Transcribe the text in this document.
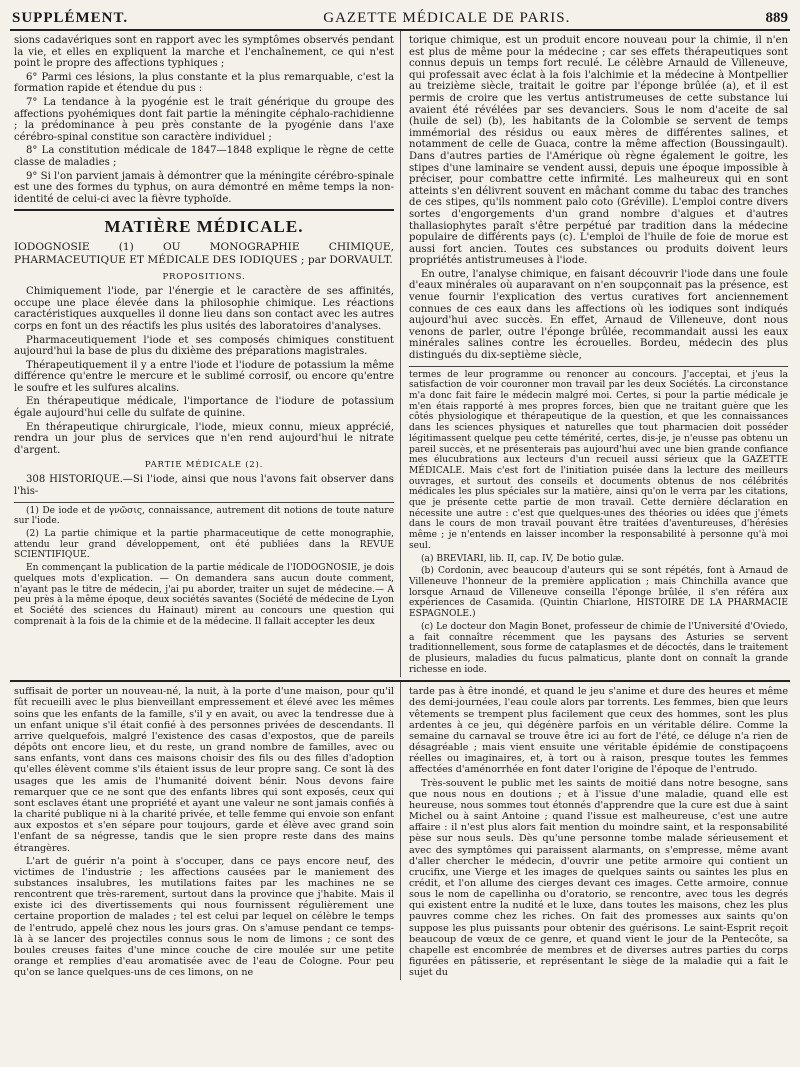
SUPPLÉMENT.	GAZETTE MÉDICALE DE PARIS.	889

sions cadavériques sont en rapport avec les symptômes observés pendant la vie, et elles en expliquent la marche et l'enchaînement, ce qui n'est point le propre des affections typhiques ;

6° Parmi ces lésions, la plus constante et la plus remarquable, c'est la formation rapide et étendue du pus :

7° La tendance à la pyogénie est le trait générique du groupe des affections pyohémiques dont fait partie la méningite céphalo-rachidienne ; la prédominance à peu près constante de la pyogénie dans l'axe cérébro-spinal constitue son caractère individuel ;

8° La constitution médicale de 1847—1848 explique le règne de cette classe de maladies ;

9° Si l'on parvient jamais à démontrer que la méningite cérébro-spinale est une des formes du typhus, on aura démontré en même temps la non-identité de celui-ci avec la fièvre typhoïde.

MATIÈRE MÉDICALE.
IODOGNOSIE (1) OU MONOGRAPHIE CHIMIQUE, PHARMACEUTIQUE ET MÉDICALE DES IODIQUES ; par DORVAULT.
PROPOSITIONS.

Chimiquement l'iode, par l'énergie et le caractère de ses affinités, occupe une place élevée dans la philosophie chimique. Les réactions caractéristiques auxquelles il donne lieu dans son contact avec les autres corps en font un des réactifs les plus usités des laboratoires d'analyses.

Pharmaceutiquement l'iode et ses composés chimiques constituent aujourd'hui la base de plus du dixième des préparations magistrales.

Thérapeutiquement il y a entre l'iode et l'iodure de potassium la même différence qu'entre le mercure et le sublimé corrosif, ou encore qu'entre le soufre et les sulfures alcalins.

En thérapeutique médicale, l'importance de l'iodure de potassium égale aujourd'hui celle du sulfate de quinine.

En thérapeutique chirurgicale, l'iode, mieux connu, mieux apprécié, rendra un jour plus de services que n'en rend aujourd'hui le nitrate d'argent.

PARTIE MÉDICALE (2).

308 HISTORIQUE.—Si l'iode, ainsi que nous l'avons fait observer dans l'his-

(1) De iode et de γνῶσις, connaissance, autrement dit notions de toute nature sur l'iode.

(2) La partie chimique et la partie pharmaceutique de cette monographie, attendu leur grand développement, ont été publiées dans la REVUE SCIENTIFIQUE.

En commençant la publication de la partie médicale de l'IODOGNOSIE, je dois quelques mots d'explication. — On demandera sans aucun doute comment, n'ayant pas le titre de médecin, j'ai pu aborder, traiter un sujet de médecine.— A peu près à la même époque, deux sociétés savantes (Société de médecine de Lyon et Société des sciences du Hainaut) mirent au concours une question qui comprenait à la fois de la chimie et de la médecine. Il fallait accepter les deux

torique chimique, est un produit encore nouveau pour la chimie, il n'en est plus de même pour la médecine ; car ses effets thérapeutiques sont connus depuis un temps fort reculé. Le célèbre Arnauld de Villeneuve, qui professait avec éclat à la fois l'alchimie et la médecine à Montpellier au treizième siècle, traitait le goitre par l'éponge brûlée (a), et il est permis de croire que les vertus antistrumeuses de cette substance lui avaient été révélées par ses devanciers. Sous le nom d'aceite de sal (huile de sel) (b), les habitants de la Colombie se servent de temps immémorial des résidus ou eaux mères de différentes salines, et notamment de celle de Guaca, contre la même affection (Boussingault). Dans d'autres parties de l'Amérique où règne également le goitre, les stipes d'une laminaire se vendent aussi, depuis une époque impossible à préciser, pour combattre cette infirmité. Les malheureux qui en sont atteints s'en délivrent souvent en mâchant comme du tabac des tranches de ces stipes, qu'ils nomment palo coto (Gréville). L'emploi contre divers sortes d'engorgements d'un grand nombre d'algues et d'autres thallasiophytes paraît s'être perpétué par tradition dans la médecine populaire de différents pays (c). L'emploi de l'huile de foie de morue est aussi fort ancien. Toutes ces substances ou produits doivent leurs propriétés antistrumeuses à l'iode.

En outre, l'analyse chimique, en faisant découvrir l'iode dans une foule d'eaux minérales où auparavant on n'en soupçonnait pas la présence, est venue fournir l'explication des vertus curatives fort anciennement connues de ces eaux dans les affections où les iodiques sont indiqués aujourd'hui avec succès. En effet, Arnaud de Villeneuve, dont nous venons de parler, outre l'éponge brûlée, recommandait aussi les eaux minérales salines contre les écrouelles. Bordeu, médecin des plus distingués du dix-septième siècle,

termes de leur programme ou renoncer au concours. J'acceptai, et j'eus la satisfaction de voir couronner mon travail par les deux Sociétés. La circonstance m'a donc fait faire le médecin malgré moi. Certes, si pour la partie médicale je m'en étais rapporté à mes propres forces, bien que ne traitant guère que les côtés physiologique et thérapeutique de la question, et que les connaissances dans les sciences physiques et naturelles que tout pharmacien doit posséder légitimassent quelque peu cette témérité, certes, dis-je, je n'eusse pas obtenu un pareil succès, et ne présenterais pas aujourd'hui avec une bien grande confiance mes élucubrations aux lecteurs d'un recueil aussi sérieux que la GAZETTE MÉDICALE. Mais c'est fort de l'initiation puisée dans la lecture des meilleurs ouvrages, et surtout des conseils et documents obtenus de nos célébrités médicales les plus spéciales sur la matière, ainsi qu'on le verra par les citations, que je présente cette partie de mon travail. Cette dernière déclaration en nécessite une autre : c'est que quelques-unes des théories ou idées que j'émets dans le cours de mon travail pouvant être traitées d'aventureuses, d'hérésies même ; je n'entends en laisser incomber la responsabilité à personne qu'à moi seul.

(a) BREVIARI, lib. II, cap. IV, De botio gulæ.

(b) Cordonin, avec beaucoup d'auteurs qui se sont répétés, font à Arnaud de Villeneuve l'honneur de la première application ; mais Chinchilla avance que lorsque Arnaud de Villeneuve conseilla l'éponge brûlée, il s'en référa aux expériences de Casamida. (Quintin Chiarlone, HISTOIRE DE LA PHARMACIE ESPAGNOLE.)

(c) Le docteur don Magin Bonet, professeur de chimie de l'Université d'Oviedo, a fait connaître récemment que les paysans des Asturies se servent traditionnellement, sous forme de cataplasmes et de décoctés, dans le traitement de plusieurs, maladies du fucus palmaticus, plante dont on connaît la grande richesse en iode.

suffisait de porter un nouveau-né, la nuit, à la porte d'une maison, pour qu'il fût recueilli avec le plus bienveillant empressement et élevé avec les mêmes soins que les enfants de la famille, s'il y en avait, ou avec la tendresse due à un enfant unique s'il était confié à des personnes privées de descendants. Il arrive quelquefois, malgré l'existence des casas d'expostos, que de pareils dépôts ont encore lieu, et du reste, un grand nombre de familles, avec ou sans enfants, vont dans ces maisons choisir des fils ou des filles d'adoption qu'elles élèvent comme s'ils étaient issus de leur propre sang. Ce sont là des usages que les amis de l'humanité doivent bénir. Nous devons faire remarquer que ce ne sont que des enfants libres qui sont exposés, ceux qui sont esclaves étant une propriété et ayant une valeur ne sont jamais confiés à la charité publique ni à la charité privée, et telle femme qui envoie son enfant aux expostos et s'en sépare pour toujours, garde et élève avec grand soin l'enfant de sa négresse, tandis que le sien propre reste dans des mains étrangères.

L'art de guérir n'a point à s'occuper, dans ce pays encore neuf, des victimes de l'industrie ; les affections causées par le maniement des substances insalubres, les mutilations faites par les machines ne se rencontrent que très-rarement, surtout dans la province que j'habite. Mais il existe ici des divertissements qui nous fournissent régulièrement une certaine proportion de malades ; tel est celui par lequel on célèbre le temps de l'entrudo, appelé chez nous les jours gras. On s'amuse pendant ce temps-là à se lancer des projectiles connus sous le nom de limons ; ce sont des boules creuses faites d'une mince couche de cire moulée sur une petite orange et remplies d'eau aromatisée avec de l'eau de Cologne. Pour peu qu'on se lance quelques-uns de ces limons, on ne

tarde pas à être inondé, et quand le jeu s'anime et dure des heures et même des demi-journées, l'eau coule alors par torrents. Les femmes, bien que leurs vêtements se trempent plus facilement que ceux des hommes, sont les plus ardentes à ce jeu, qui dégénère parfois en un véritable délire. Comme la semaine du carnaval se trouve être ici au fort de l'été, ce déluge n'a rien de désagréable ; mais vient ensuite une véritable épidémie de constipaçoens réelles ou imaginaires, et, à tort ou à raison, presque toutes les femmes affectées d'aménorrhée en font dater l'origine de l'époque de l'entrudo.

Très-souvent le public met les saints de moitié dans notre besogne, sans que nous nous en doutions ; et à l'issue d'une maladie, quand elle est heureuse, nous sommes tout étonnés d'apprendre que la cure est due à saint Michel ou à saint Antoine ; quand l'issue est malheureuse, c'est une autre affaire : il n'est plus alors fait mention du moindre saint, et la responsabilité pèse sur nous seuls. Dès qu'une personne tombe malade sérieusement et avec des symptômes qui paraissent alarmants, on s'empresse, même avant d'aller chercher le médecin, d'ouvrir une petite armoire qui contient un crucifix, une Vierge et les images de quelques saints ou saintes les plus en crédit, et l'on allume des cierges devant ces images. Cette armoire, connue sous le nom de capellinha ou d'oratorio, se rencontre, avec tous les degrés qui existent entre la nudité et le luxe, dans toutes les maisons, chez les plus pauvres comme chez les riches. On fait des promesses aux saints qu'on suppose les plus puissants pour obtenir des guérisons. Le saint-Esprit reçoit beaucoup de vœux de ce genre, et quand vient le jour de la Pentecôte, sa chapelle est encombrée de membres et de diverses autres parties du corps figurées en pâtisserie, et représentant le siège de la maladie qui a fait le sujet du
